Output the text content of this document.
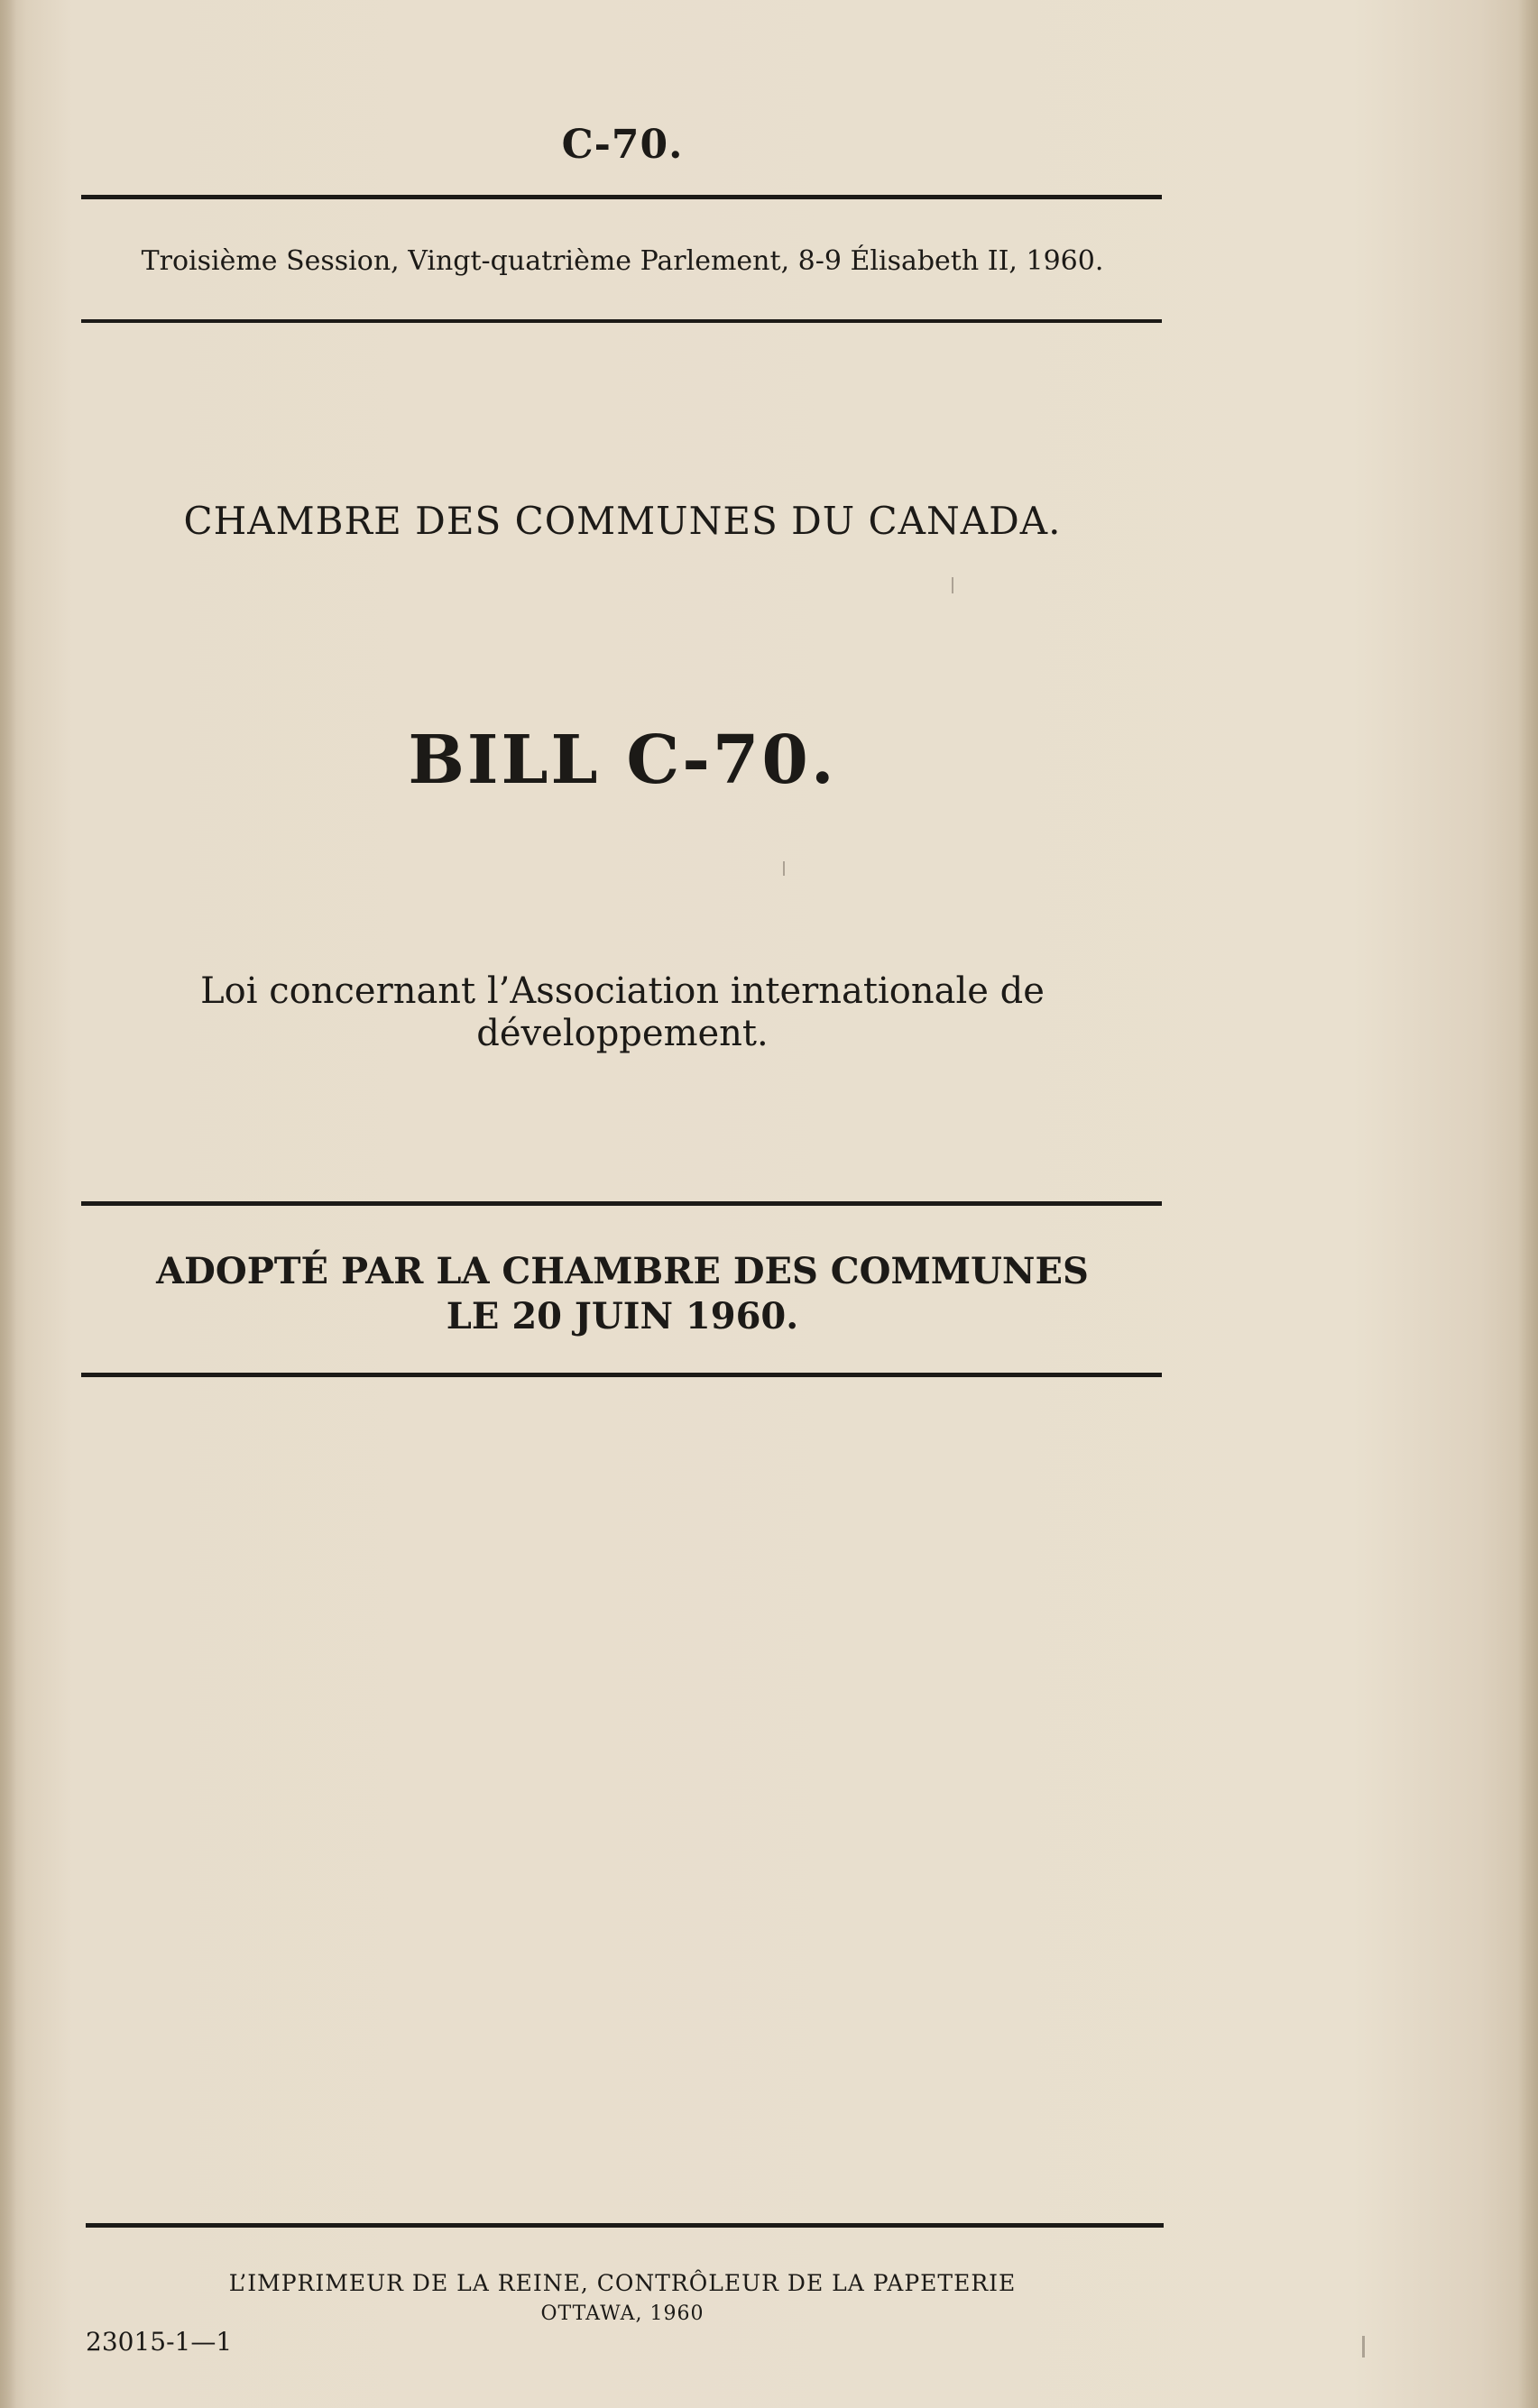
C-70.
Troisième Session, Vingt-quatrième Parlement, 8-9 Élisabeth II, 1960.
CHAMBRE DES COMMUNES DU CANADA.
BILL C-70.
Loi concernant l’Association internationale de
développement.
ADOPTÉ PAR LA CHAMBRE DES COMMUNES
LE 20 JUIN 1960.
L’IMPRIMEUR DE LA REINE, CONTRÔLEUR DE LA PAPETERIE
OTTAWA, 1960
23015-1—1
